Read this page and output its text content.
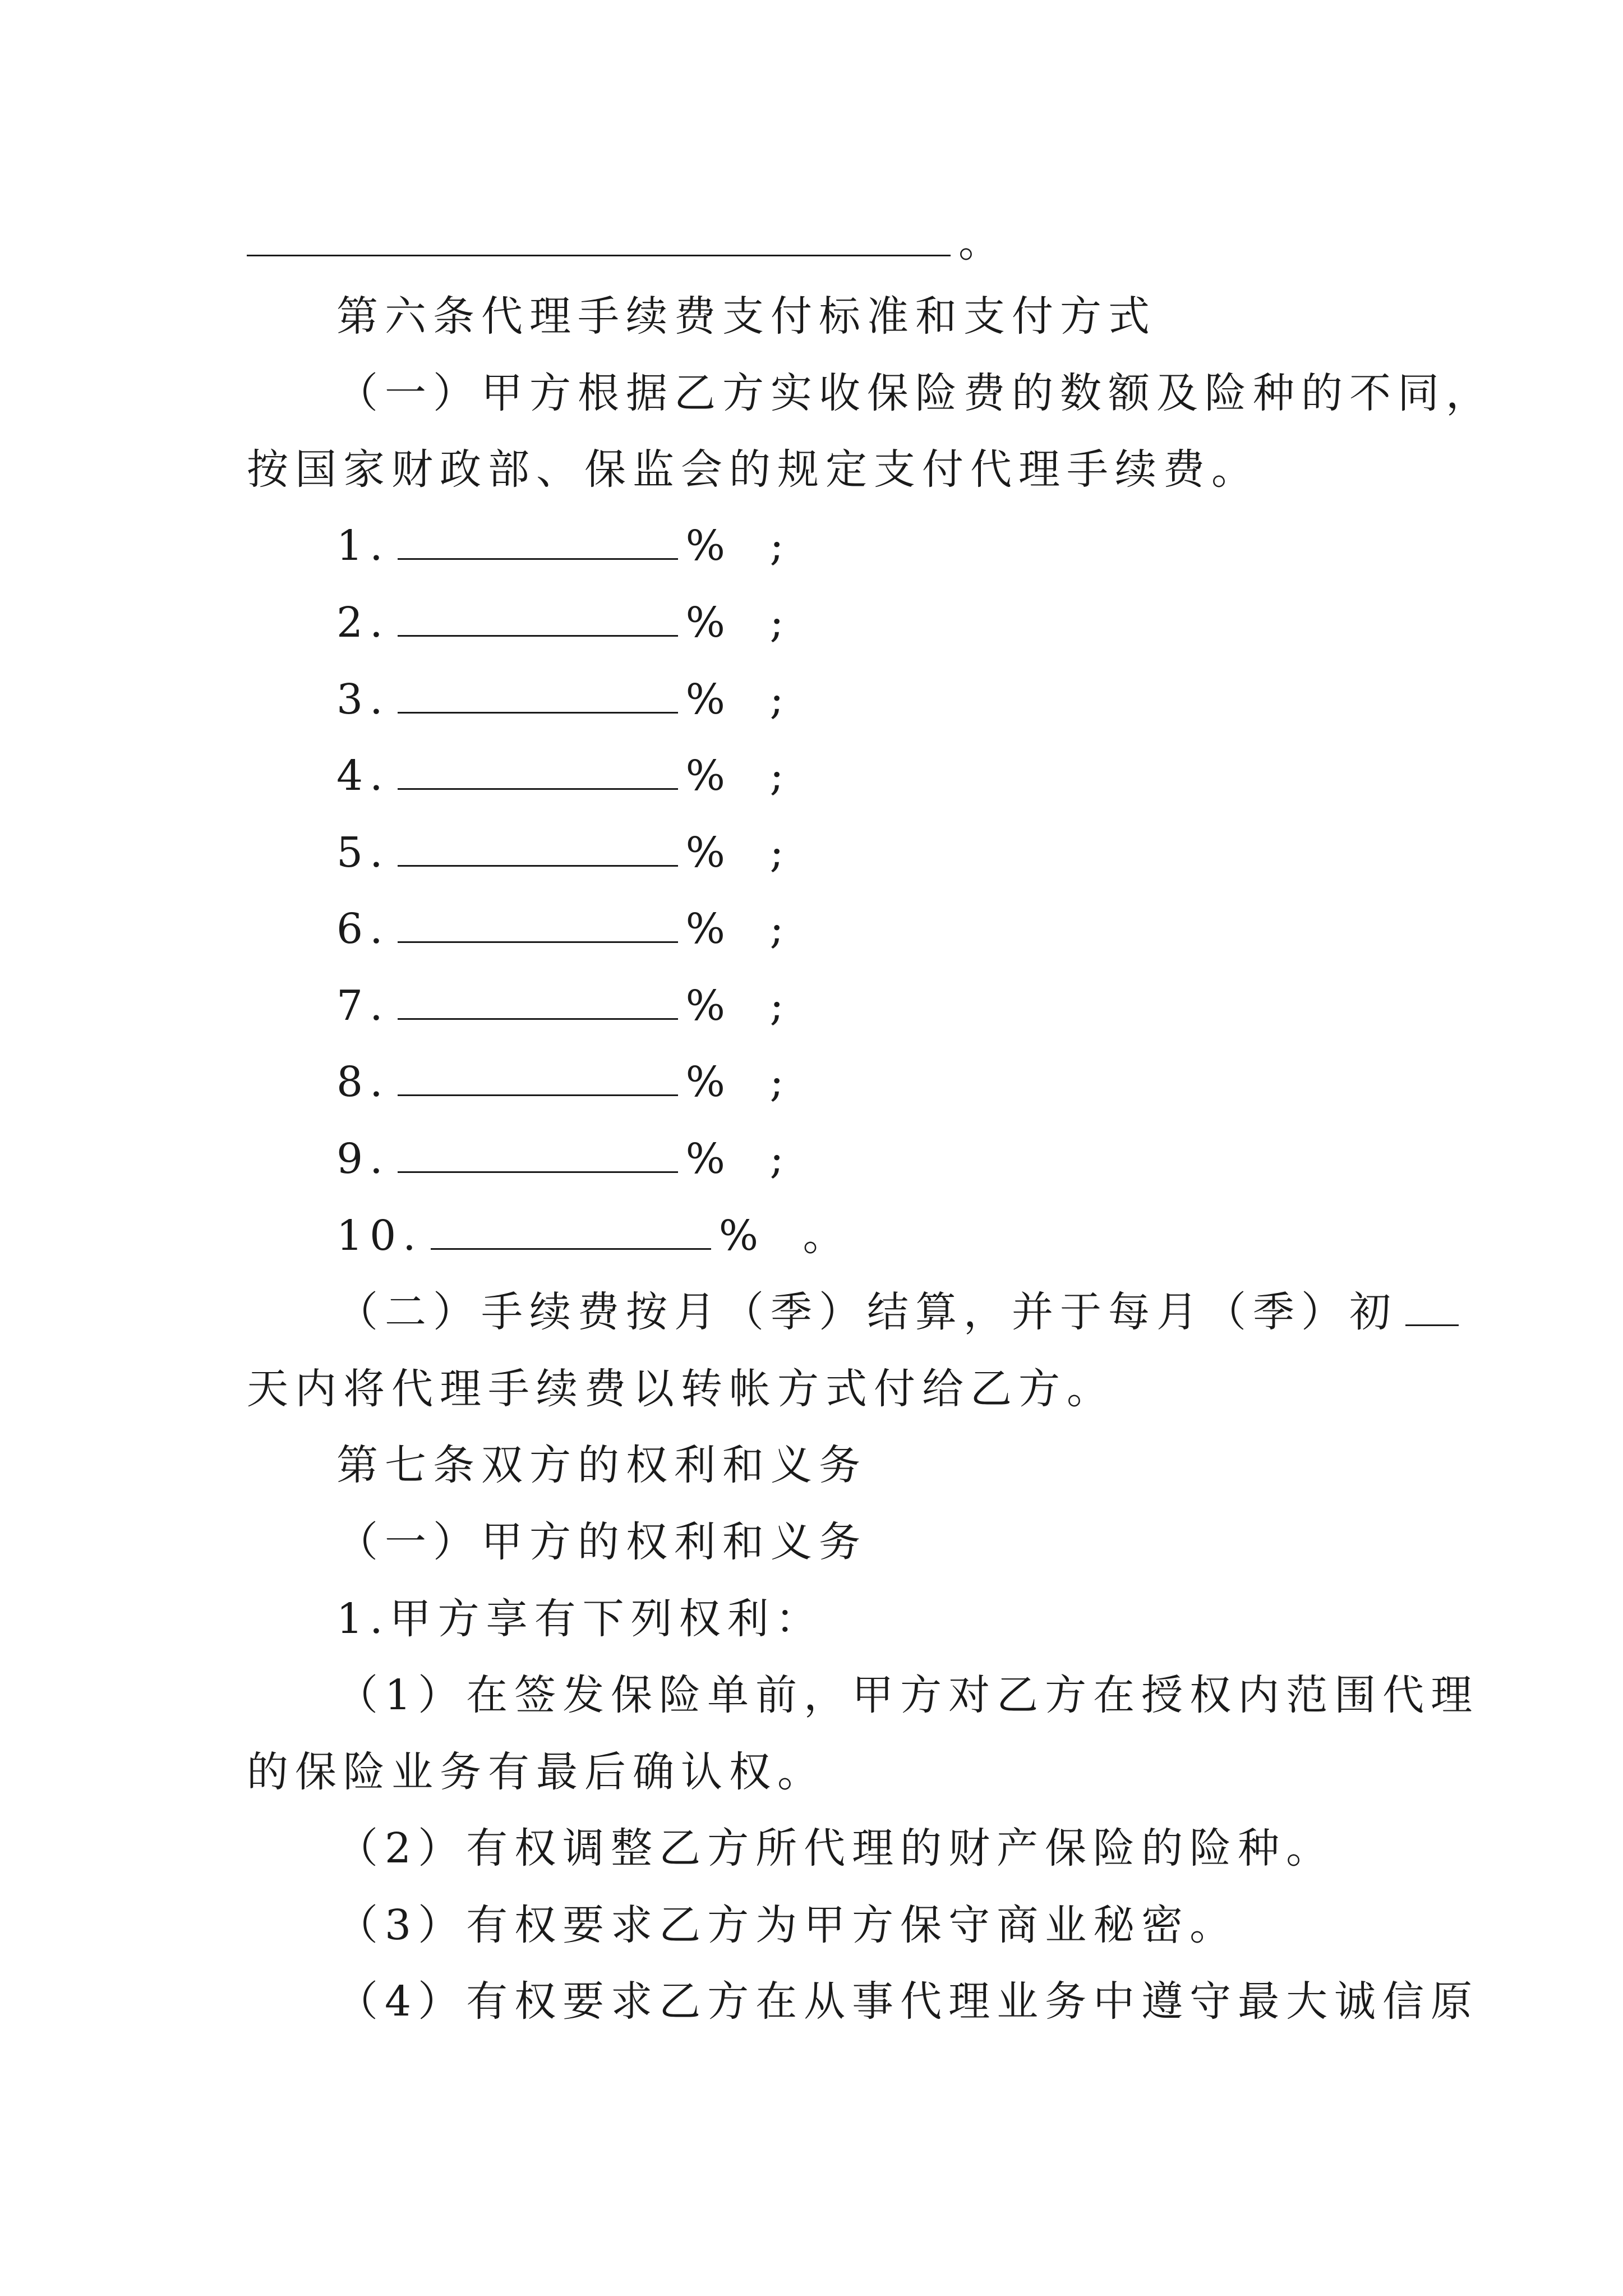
。
第六条代理手续费支付标准和支付方式
（一）甲方根据乙方实收保险费的数额及险种的不同，
按国家财政部、保监会的规定支付代理手续费。
1.	% ;
2.	% ;
3.	% ;
4.	% ;
5.	% ;
6.	% ;
7.	% ;
8.	% ;
9.	% ;
10.	% 。
（二）手续费按月（季）结算，并于每月（季）初
天内将代理手续费以转帐方式付给乙方。
第七条双方的权利和义务
（一）甲方的权利和义务
1.甲方享有下列权利：
（1）在签发保险单前，甲方对乙方在授权内范围代理
的保险业务有最后确认权。
（2）有权调整乙方所代理的财产保险的险种。
（3）有权要求乙方为甲方保守商业秘密。
（4）有权要求乙方在从事代理业务中遵守最大诚信原
